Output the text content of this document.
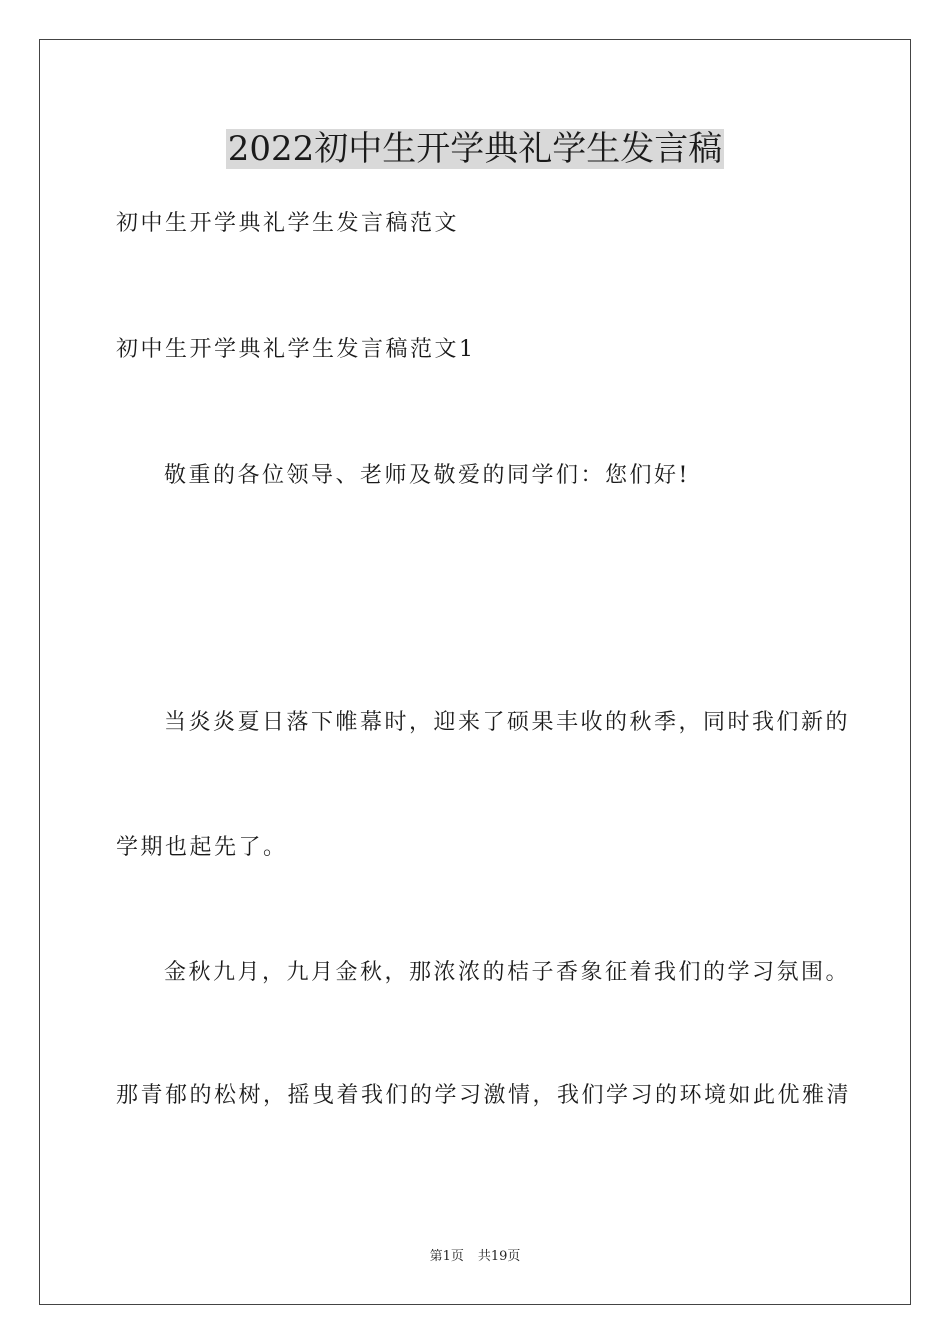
2022初中生开学典礼学生发言稿
初中生开学典礼学生发言稿范文
初中生开学典礼学生发言稿范文1
敬重的各位领导、老师及敬爱的同学们：您们好!
当炎炎夏日落下帷幕时，迎来了硕果丰收的秋季，同时我们新的
学期也起先了。
金秋九月，九月金秋，那浓浓的桔子香象征着我们的学习氛围。
那青郁的松树，摇曳着我们的学习激情，我们学习的环境如此优雅清
第1页 共19页
